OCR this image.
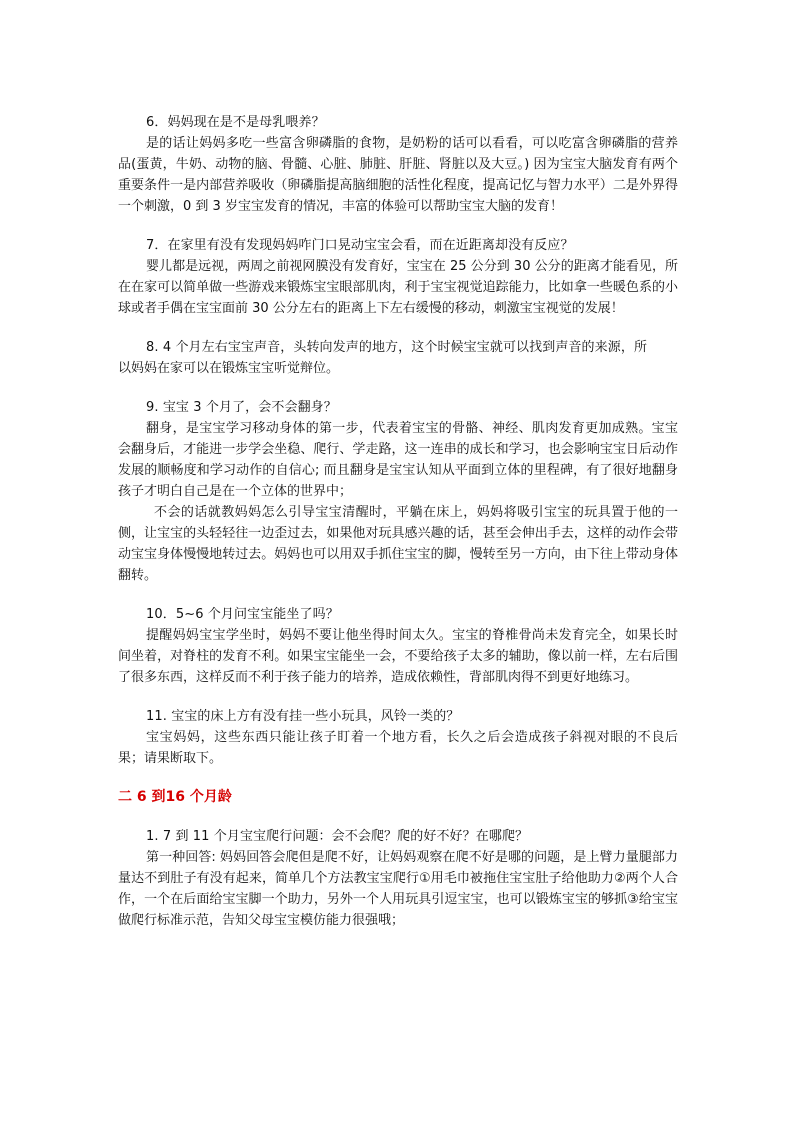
6．妈妈现在是不是母乳喂养？

是的话让妈妈多吃一些富含卵磷脂的食物，是奶粉的话可以看看，可以吃富含卵磷脂的营养品(蛋黄，牛奶、动物的脑、骨髓、心脏、肺脏、肝脏、肾脏以及大豆。) 因为宝宝大脑发育有两个重要条件一是内部营养吸收（卵磷脂提高脑细胞的活性化程度，提高记忆与智力水平）二是外界得一个刺激，0 到 3 岁宝宝发育的情况，丰富的体验可以帮助宝宝大脑的发育！

7．在家里有没有发现妈妈咋门口晃动宝宝会看，而在近距离却没有反应？

婴儿都是远视，两周之前视网膜没有发育好，宝宝在 25 公分到 30 公分的距离才能看见，所在在家可以简单做一些游戏来锻炼宝宝眼部肌肉，利于宝宝视觉追踪能力，比如拿一些暖色系的小球或者手偶在宝宝面前 30 公分左右的距离上下左右缓慢的移动，刺激宝宝视觉的发展！

8. 4 个月左右宝宝声音，头转向发声的地方，这个时候宝宝就可以找到声音的来源，所

以妈妈在家可以在锻炼宝宝听觉辩位。

9. 宝宝 3 个月了，会不会翻身？

翻身，是宝宝学习移动身体的第一步，代表着宝宝的骨骼、神经、肌肉发育更加成熟。宝宝会翻身后，才能进一步学会坐稳、爬行、学走路，这一连串的成长和学习，也会影响宝宝日后动作发展的顺畅度和学习动作的自信心; 而且翻身是宝宝认知从平面到立体的里程碑，有了很好地翻身孩子才明白自己是在一个立体的世界中；

不会的话就教妈妈怎么引导宝宝清醒时，平躺在床上，妈妈将吸引宝宝的玩具置于他的一侧，让宝宝的头轻轻往一边歪过去，如果他对玩具感兴趣的话，甚至会伸出手去，这样的动作会带动宝宝身体慢慢地转过去。妈妈也可以用双手抓住宝宝的脚，慢转至另一方向，由下往上带动身体翻转。

10．5~6 个月问宝宝能坐了吗？

提醒妈妈宝宝学坐时，妈妈不要让他坐得时间太久。宝宝的脊椎骨尚未发育完全，如果长时间坐着，对脊柱的发育不利。如果宝宝能坐一会，不要给孩子太多的辅助，像以前一样，左右后围了很多东西，这样反而不利于孩子能力的培养，造成依赖性，背部肌肉得不到更好地练习。

11. 宝宝的床上方有没有挂一些小玩具，风铃一类的？

宝宝妈妈，这些东西只能让孩子盯着一个地方看，长久之后会造成孩子斜视对眼的不良后果；请果断取下。

二 6 到16 个月龄
1. 7 到 11 个月宝宝爬行问题：会不会爬？爬的好不好？在哪爬？

第一种回答: 妈妈回答会爬但是爬不好，让妈妈观察在爬不好是哪的问题，是上臂力量腿部力量达不到肚子有没有起来，简单几个方法教宝宝爬行①用毛巾被拖住宝宝肚子给他助力②两个人合作，一个在后面给宝宝脚一个助力，另外一个人用玩具引逗宝宝，也可以锻炼宝宝的够抓③给宝宝做爬行标准示范，告知父母宝宝模仿能力很强哦；
